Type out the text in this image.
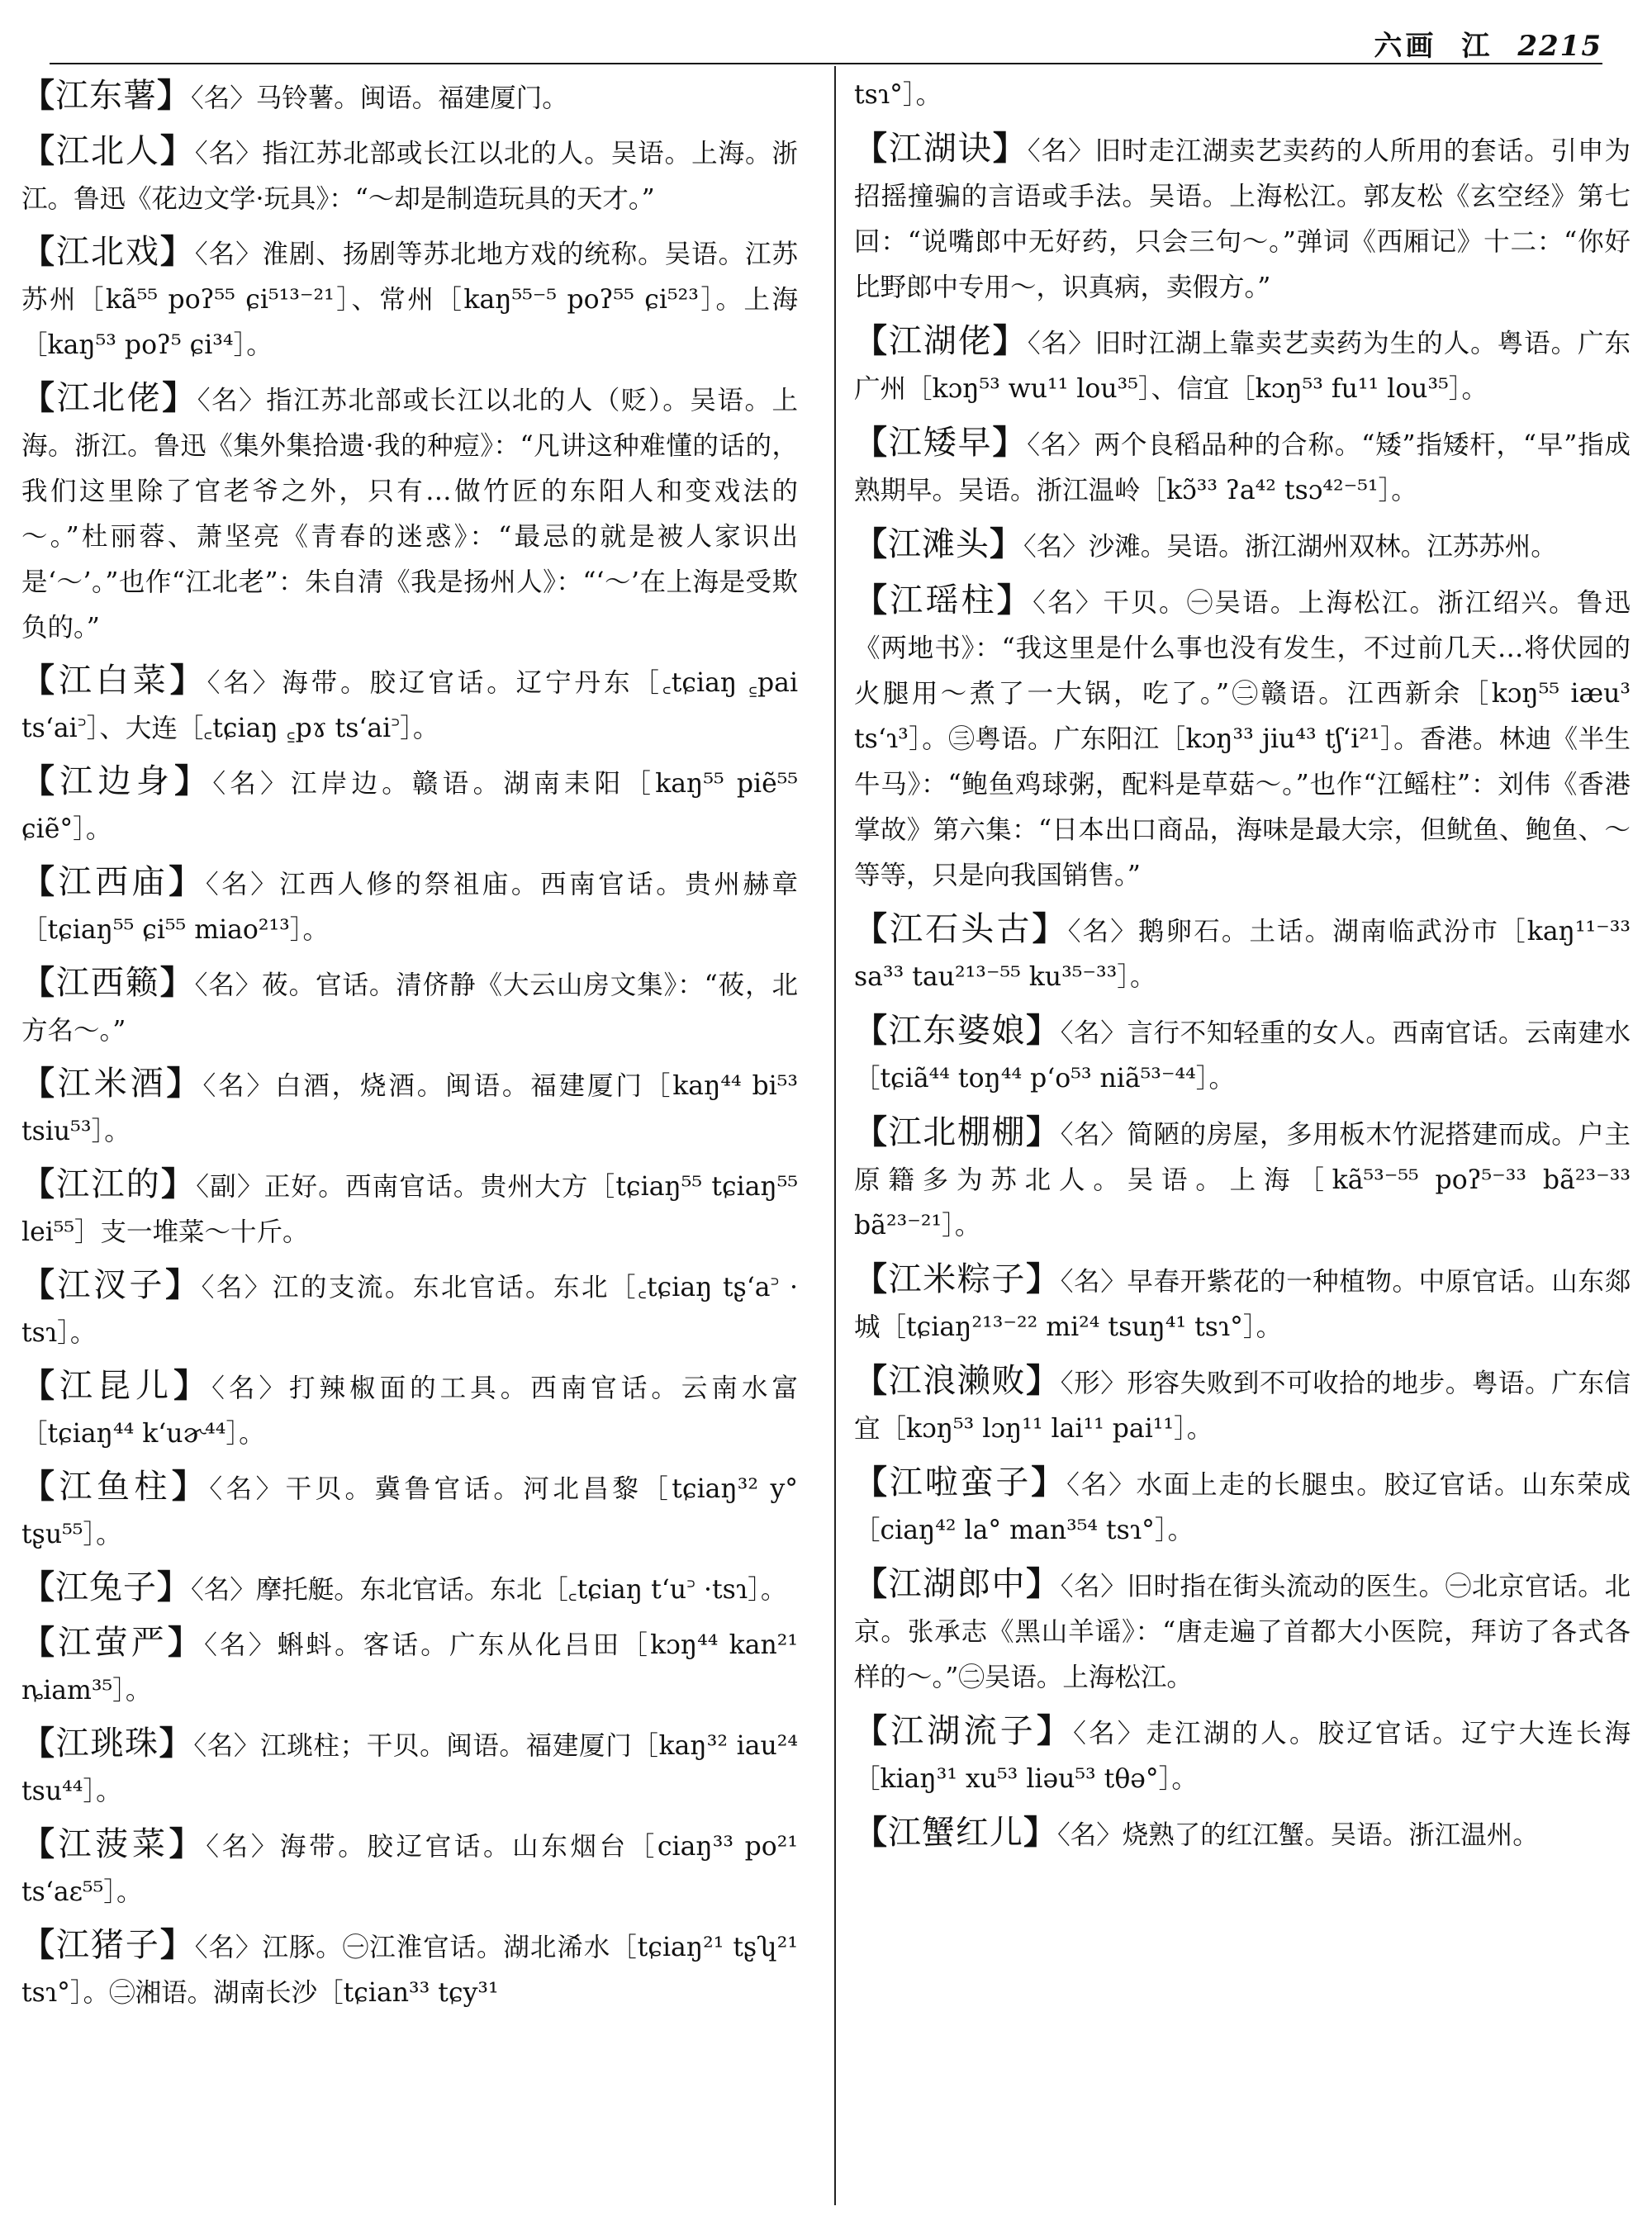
六画 江 2215
【江东薯】〈名〉马铃薯。闽语。福建厦门。
【江北人】〈名〉指江苏北部或长江以北的人。吴语。上海。浙江。鲁迅《花边文学·玩具》：“～却是制造玩具的天才。”
【江北戏】〈名〉淮剧、扬剧等苏北地方戏的统称。吴语。江苏苏州［kã⁵⁵ poʔ⁵⁵ ɕi⁵¹³⁻²¹］、常州［kaŋ⁵⁵⁻⁵ poʔ⁵⁵ ɕi⁵²³］。上海［kaŋ⁵³ poʔ⁵ ɕi³⁴］。
【江北佬】〈名〉指江苏北部或长江以北的人（贬）。吴语。上海。浙江。鲁迅《集外集拾遗·我的种痘》：“凡讲这种难懂的话的，我们这里除了官老爷之外，只有…做竹匠的东阳人和变戏法的～。”杜丽蓉、萧坚亮《青春的迷惑》：“最忌的就是被人家识出是‘～’。”也作“江北老”：朱自清《我是扬州人》：“‘～’在上海是受欺负的。”
【江白菜】〈名〉海带。胶辽官话。辽宁丹东［꜀tɕiaŋ ꜁pai tsʻai꜄］、大连［꜀tɕiaŋ ꜁pɤ tsʻai꜄］。
【江边身】〈名〉江岸边。赣语。湖南耒阳［kaŋ⁵⁵ piẽ⁵⁵ ɕiẽ°］。
【江西庙】〈名〉江西人修的祭祖庙。西南官话。贵州赫章［tɕiaŋ⁵⁵ ɕi⁵⁵ miao²¹³］。
【江西籁】〈名〉莜。官话。清侪静《大云山房文集》：“莜，北方名～。”
【江米酒】〈名〉白酒，烧酒。闽语。福建厦门［kaŋ⁴⁴ bi⁵³ tsiu⁵³］。
【江江的】〈副〉正好。西南官话。贵州大方［tɕiaŋ⁵⁵ tɕiaŋ⁵⁵ lei⁵⁵］支一堆菜～十斤。
【江汊子】〈名〉江的支流。东北官话。东北［꜀tɕiaŋ tʂʻa꜄ · tsɿ］。
【江昆儿】〈名〉打辣椒面的工具。西南官话。云南水富［tɕiaŋ⁴⁴ kʻuɚ⁴⁴］。
【江鱼柱】〈名〉干贝。冀鲁官话。河北昌黎［tɕiaŋ³² y° tʂu⁵⁵］。
【江兔子】〈名〉摩托艇。东北官话。东北［꜀tɕiaŋ tʻu꜄ ·tsɿ］。
【江萤严】〈名〉蝌蚪。客话。广东从化吕田［kɔŋ⁴⁴ kan²¹ ȵiam³⁵］。
【江珧珠】〈名〉江珧柱；干贝。闽语。福建厦门［kaŋ³² iau²⁴ tsu⁴⁴］。
【江菠菜】〈名〉海带。胶辽官话。山东烟台［ciaŋ³³ po²¹ tsʻaɛ⁵⁵］。
【江猪子】〈名〉江豚。㊀江淮官话。湖北浠水［tɕiaŋ²¹ tʂʮ²¹ tsɿ°］。㊁湘语。湖南长沙［tɕian³³ tɕy³¹
tsɿ°］。
【江湖诀】〈名〉旧时走江湖卖艺卖药的人所用的套话。引申为招摇撞骗的言语或手法。吴语。上海松江。郭友松《玄空经》第七回：“说嘴郎中无好药，只会三句～。”弹词《西厢记》十二：“你好比野郎中专用～，识真病，卖假方。”
【江湖佬】〈名〉旧时江湖上靠卖艺卖药为生的人。粤语。广东广州［kɔŋ⁵³ wu¹¹ lou³⁵］、信宜［kɔŋ⁵³ fu¹¹ lou³⁵］。
【江矮早】〈名〉两个良稻品种的合称。“矮”指矮杆，“早”指成熟期早。吴语。浙江温岭［kɔ̃³³ ʔa⁴² tsɔ⁴²⁻⁵¹］。
【江滩头】〈名〉沙滩。吴语。浙江湖州双林。江苏苏州。
【江瑶柱】〈名〉干贝。㊀吴语。上海松江。浙江绍兴。鲁迅《两地书》：“我这里是什么事也没有发生，不过前几天…将伏园的火腿用～煮了一大锅，吃了。”㊁赣语。江西新余［kɔŋ⁵⁵ iæu³ tsʻɿ³］。㊂粤语。广东阳江［kɔŋ³³ jiu⁴³ tʃʻi²¹］。香港。林迪《半生牛马》：“鲍鱼鸡球粥，配料是草菇～。”也作“江鳐柱”：刘伟《香港掌故》第六集：“日本出口商品，海味是最大宗，但鱿鱼、鲍鱼、～等等，只是向我国销售。”
【江石头古】〈名〉鹅卵石。土话。湖南临武汾市［kaŋ¹¹⁻³³ sa³³ tau²¹³⁻⁵⁵ ku³⁵⁻³³］。
【江东婆娘】〈名〉言行不知轻重的女人。西南官话。云南建水［tɕiã⁴⁴ toŋ⁴⁴ pʻo⁵³ niã⁵³⁻⁴⁴］。
【江北棚棚】〈名〉简陋的房屋，多用板木竹泥搭建而成。户主原籍多为苏北人。吴语。上海［kã⁵³⁻⁵⁵ poʔ⁵⁻³³ bã²³⁻³³ bã²³⁻²¹］。
【江米粽子】〈名〉早春开紫花的一种植物。中原官话。山东郯城［tɕiaŋ²¹³⁻²² mi²⁴ tsuŋ⁴¹ tsɿ°］。
【江浪濑败】〈形〉形容失败到不可收拾的地步。粤语。广东信宜［kɔŋ⁵³ lɔŋ¹¹ lai¹¹ pai¹¹］。
【江啦蛮子】〈名〉水面上走的长腿虫。胶辽官话。山东荣成［ciaŋ⁴² la° man³⁵⁴ tsɿ°］。
【江湖郎中】〈名〉旧时指在街头流动的医生。㊀北京官话。北京。张承志《黑山羊谣》：“唐走遍了首都大小医院，拜访了各式各样的～。”㊁吴语。上海松江。
【江湖流子】〈名〉走江湖的人。胶辽官话。辽宁大连长海［kiaŋ³¹ xu⁵³ liəu⁵³ tθə°］。
【江蟹红儿】〈名〉烧熟了的红江蟹。吴语。浙江温州。
